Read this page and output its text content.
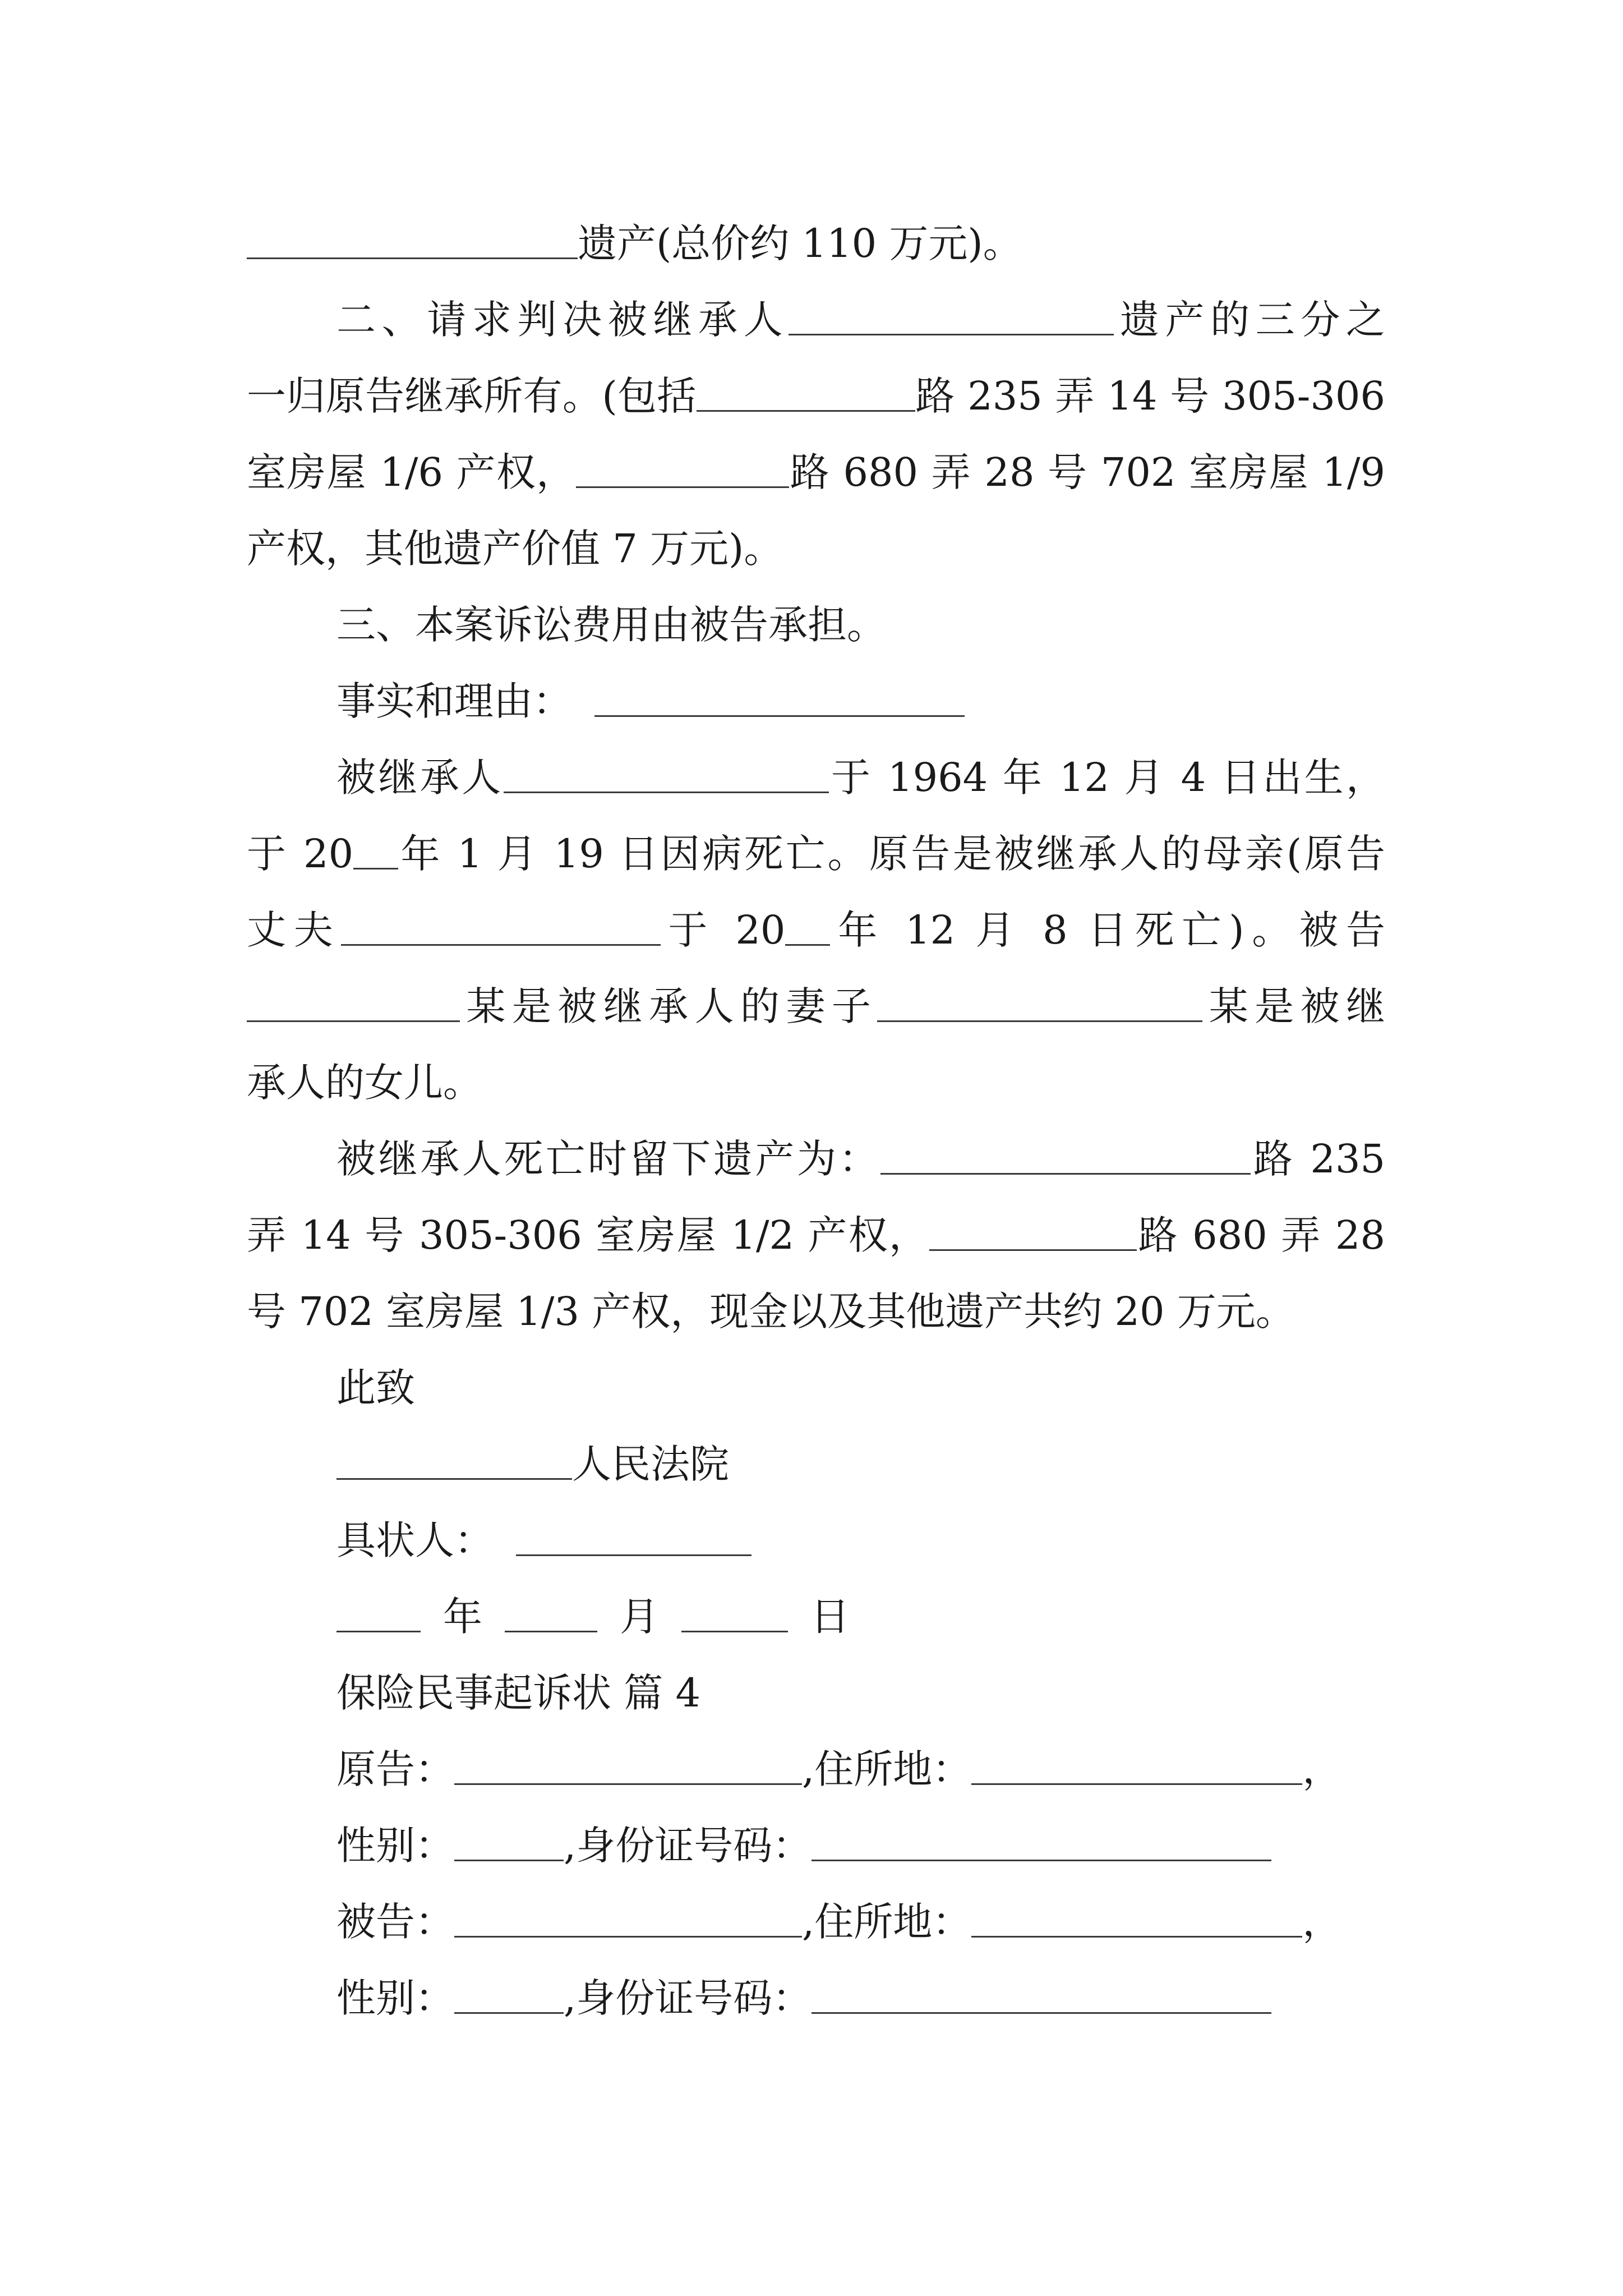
遗产(总价约 110 万元)。
二、请求判决被继承人	遗产的三分之
一归原告继承所有。(包括	路 235 弄 14 号 305-306
室房屋 1/6 产权，	路 680 弄 28 号 702 室房屋 1/9
产权，其他遗产价值 7 万元)。
三、本案诉讼费用由被告承担。
事实和理由：
被继承人	于 1964 年 12 月 4 日出生，
于 20 年 1 月 19 日因病死亡。原告是被继承人的母亲(原告
丈夫	于 20 年 12 月 8 日死亡)。被告
某是被继承人的妻子	某是被继
承人的女儿。
被继承人死亡时留下遗产为：	路 235
弄 14 号 305-306 室房屋 1/2 产权，	路 680 弄 28
号 702 室房屋 1/3 产权，现金以及其他遗产共约 20 万元。
此致
人民法院
具状人：
年	月	日
保险民事起诉状 篇 4
原告：	,住所地：	，
性别：	,身份证号码：
被告：	,住所地：	，
性别：	,身份证号码：
